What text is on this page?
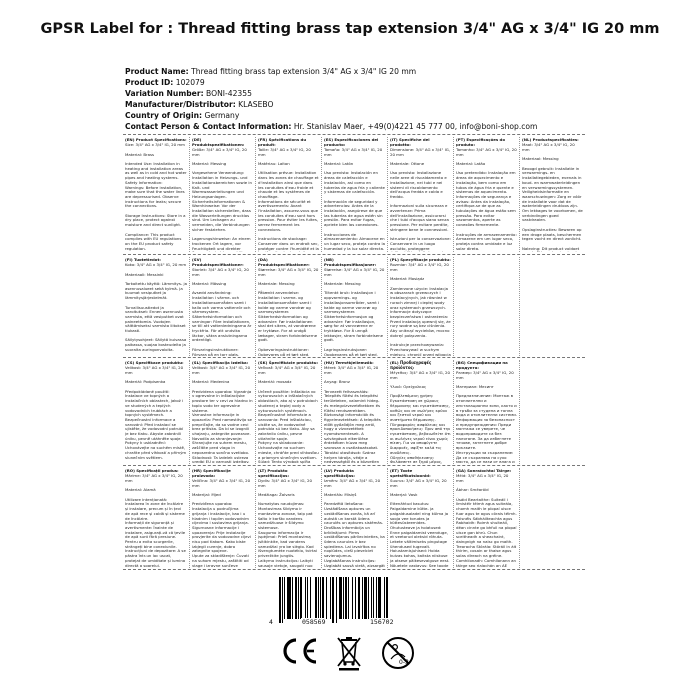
GPSR Label for : Thread fitting brass tap extension 3/4" AG x 3/4" IG 20 mm
Product Name: Thread fitting brass tap extension 3/4" AG x 3/4" IG 20 mm
Product ID: 102079
Variation Number: BONI-42355
Manufacturer/Distributor: KLASEBO
Country of Origin: Germany
Contact Person & Contact Information: Hr. Stanislav Maer, +49(0)4221 45 777 00, info@boni-shop.com
(EN) Product Specifications:
Size: 3/4" AG x 3/4" IG, 20 mm

Material: Brass

Intended Use: Installation in heating and installation areas as well as in cold and hot water pipes and heating systems.
Safety Information:
Warnings: Before installation, make sure that the water lines are depressurised. Observe instructions for leaks; secure the connections.

Storage Instructions: Store in a dry place, protect against moisture and direct sunlight.

Compliance: This product complies with EU regulations on the EU product safety regulation.
(DE) Produktspezifikationen:
Größe: 3/4" AG x 3/4" IG, 20 mm

Material: Messing

Vorgesehene Verwendung: Installation in Heizungs- und Installationsbereichen sowie in Kalt- und Warmwasserleitungen und Heizungsanlagen.
Sicherheitsinformationen & Warnhinweise: Vor der Installation sicherstellen, dass die Wasserleitungen drucklos sind. Um Leckagen zu vermeiden, die Verbindungen sicher festziehen.

Lagerungshinweise: An einem trockenen Ort lagern, vor Feuchtigkeit und direkter

(FR) Spécifications du produit:
Taille: 3/4" AG x 3/4" IG, 20 mm

Matériau: Laiton

Utilisation prévue: Installation dans les zones de chauffage et d'installation ainsi que dans les conduites d'eau froide et chaude et les systèmes de chauffage.
Informations de sécurité et avertissements: Avant l'installation, assurez-vous que les conduites d'eau sont hors pression. Pour éviter les fuites, serrez fermement les connexions.

Instructions de stockage: Conserver dans un endroit sec, protéger contre l'humidité et la

(ES) Especificaciones del producto:
Tamaño: 3/4" AG x 3/4" IG, 20 mm

Material: Latón

Uso previsto: Instalación en áreas de calefacción e instalación, así como en tuberías de agua fría y caliente y sistemas de calefacción.

Información de seguridad y advertencias: Antes de la instalación, asegúrese de que las tuberías de agua estén sin presión. Para evitar fugas, apriete bien las conexiones.

Instrucciones de almacenamiento: Almacene en un lugar seco, proteja contra la humedad y la luz solar directa.

(IT) Specifiche del prodotto:
Dimensione: 3/4" AG x 3/4" IG, 20 mm

Materiale: Ottone

Uso previsto: Installazione nelle aree di riscaldamento e installazione, nei tubi e nei sistemi di riscaldamento dell'acqua fredda e calda e freddo.

Informazioni sulla sicurezza e avvertenze: Prima dell'installazione, assicurarsi che i tubi d'acqua siano senza pressione. Per evitare perdite, stringere bene le connessioni.

Istruzioni per la conservazione: Conservare in un luogo asciutto, proteggere

(PT) Especificações do produto:
Tamanho: 3/4" AG x 3/4" IG, 20 mm

Material: Latão

Uso pretendido: Instalação em áreas de aquecimento e instalação, bem como em tubos de água fria e quente e sistemas de aquecimento.
Informações de segurança e avisos: Antes da instalação, certifique-se de que as tubulações de água estão sem pressão. Para evitar vazamentos, aperte as conexões firmemente.

Instruções de armazenamento: Armazene em um lugar seco, proteja contra umidade e luz solar direta.

(NL) Productspecificaties:
Maat: 3/4" AG x 3/4" IG, 20 mm

Materiaal: Messing

Beoogd gebruik: Installatie in verwarmings- en installatiegebieden, evenals in koud- en warmwaterleidingen en verwarmingssystemen.
Veiligheidsinformatie en waarschuwingen: Zorg er vóór de installatie voor dat de waterleidingen drukloos zijn. Om lekkages te voorkomen, de verbindingen goed vastdraaien.

Opslaginstructies: Bewaren op een droge plaats, beschermen tegen vocht en direct zonlicht.

Naleving: Dit product voldoet
(FI) Tuotetiedot:
Koko: 3/4" AG x 3/4" IG, 20 mm

Materiaali: Messinki

Tarkoitettu käyttö: Lämmitys- ja asennusalueet sekä kylmä- ja kuumat vesiputket ja lämmitysjärjestelmät.

Turvallisuustiedot ja varoitukset: Ennen asennusta varmista, että vesiputket ovat paineettomia. Vuotojen välttämiseksi varmista liitokset tiukasti.

Säilytysohjeet: Säilytä kuivassa paikassa, suojaa kosteudelta ja suoralta auringonvalolta.

(SV) Produktspecifikationer:
Storlek: 3/4" AG x 3/4" IG, 20 mm

Material: Mässing

Avsedd användning: Installation i värme- och installationsområden samt i kalla och varma vattenrör och värmesystem.
Säkerhetsinformation och varningar: Före installationen, se till att vattenledningarna är tryckfria. För att undvika läckor, säkra anslutningarna ordentligt.

Förvaringsinstruktioner: Förvara på en torr plats,

(DA) Produktspecifikationer:
Størrelse: 3/4" AG x 3/4" IG, 20 mm

Materiale: Messing

Påtænkt anvendelse: Installation i varme- og installationsområder samt i kolde og varme vandrør og varmesystemer.
Sikkerhedsinformation og advarsler: Før installationen skal det sikres, at vandrørene er trykløse. For at undgå lækager, stram forbindelserne godt.

Opbevaringsinstruktioner: Opbevares på et tørt sted,

(NB) Produktspesifikasjoner:
Størrelse: 3/4" AG x 3/4" IG, 20 mm

Materiale: Messing

Tiltenkt bruk: Installasjon i oppvarmings- og installasjonsområder, samt i kalde og varme vannrør og varmesystemer.
Sikkerhetsinformasjon og advarsler: Før installasjon, sørg for at vannrørene er trykkløse. For å unngå lekkasjer, stram forbindelsene godt.

Lagringsinstruksjoner: Oppbevares på et tørt sted,

(PL) Specyfikacje produktu:
Rozmiar: 3/4" AG x 3/4" IG, 20 mm

Materiał: Mosiądz

Zamierzone użycie: Instalacja w obszarach grzewczych i instalacyjnych, jak również w rurach zimnej i ciepłej wody oraz systemach grzewczych.
Informacje dotyczące bezpieczeństwa i ostrzeżenia: Przed instalacją upewnij się, że rury wodne są bez ciśnienia. Aby uniknąć wycieków, mocno dokręć połączenia.

Instrukcje przechowywania: Przechowywać w suchym miejscu, chronić przed wilgocią

(CS) Specifikace produktu:
Velikost: 3/4" AG x 3/4" IG, 20 mm

Materiál: Podpisenka

Předpokládané použití: Instalace ve topných a instalačních oblastech, jakož i ve studených a teplých vodovodních trubkách a topných systémech.
Bezpečnostní informace a varování: Před instalací se ujistěte, že vodovodní potrubí je bez tlaku. Abyste zabránili úniku, pevně utáhněte spoje.
Pokyny k uskladnění: Uchovávejte na suchém místě, chraňte před vlhkostí a přímým slunečním světlem.

(SL) Specifikacija izdelka:
Velikost: 3/4" AG x 3/4" IG, 20 mm

Material: Medenina

Predvidena uporaba: Vgradnja v ogrevalne in inštalacijske prostore ter v cevi za hladno in toplo vodo ter ogrevalne sisteme.
Varnostne informacije in opozorila: Pred namestitvijo se prepričajte, da so vodne cevi brez pritiska. Da bi se izognili uhajanju, zategnite povezave.
Navodila za shranjevanje: Shranjujte na suhem mestu, zaščitite pred vlago in neposredno sončno svetlobo.
Skladnost: Ta izdelek ustreza uredbi EU o varnosti izdelkov.
(SK) Špecifikácie produktu:
Veľkosť: 3/4" AG x 3/4" IG, 20 mm

Materiál: mosadz

Určené použitie: Inštalácia vo vykurovacích a inštalačných oblastiach, ako aj v potrubiach studenej a teplej vody a vykurovacích systémoch.
Bezpečnostné informácie a varovania: Pred inštaláciou, uistite sa, že vodovodné potrubia sú bez tlaku. Aby sa zabránilo úniku, pevne utiahnite spoje.
Pokyny na skladovanie: Uchovávajte na suchom mieste, chráňte pred vlhkosťou a priamym slnečným svetlom.
Súlad: Tento výrobok spĺňa
(HU) Termékjellemzők:
Méret: 3/4" AG x 3/4" IG, 20 mm

Anyag: Bronz

Tervezett felhasználás: Telepítés fűtési és telepítési területeken, valamint hideg- és melegvízvezetékekben és fűtési rendszerekben.
Biztonsági információk és figyelmeztetések: A telepítés előtt győződjön meg arról, hogy a vízvezetékek nyomásmentesek. A szivárgások elkerülése érdekében húzza meg szorosan a csatlakozásokat.
Tárolási utasítások: Száraz helyen tárolja, védje a nedvességtől és a közvetlen

(EL) Προδιαγραφές προϊόντος:
Μέγεθος: 3/4" AG x 3/4" IG, 20 mm

Υλικό: Ορείχαλκος

Προβλεπόμενη χρήση: Εγκατάσταση σε χώρους θέρμανσης και εγκατάστασης, καθώς και σε σωλήνες κρύου και ζεστού νερού και συστήματα θέρμανσης.
Πληροφορίες ασφάλειας και προειδοποιήσεις: Πριν από την εγκατάσταση, βεβαιωθείτε ότι οι σωλήνες νερού είναι χωρίς πίεση. Για να αποφύγετε διαρροές, σφίξτε καλά τις συνδέσεις.
Οδηγίες αποθήκευσης: Φυλάσσετε σε ξηρό μέρος,

(BG) Спецификации на продукта:
Размер: 3/4" AG x 3/4" IG, 20 mm

Материал: Месинг

Предназначение: Монтаж в отоплителни и инсталационни зони, както и в тръби за студена и топла вода и отоплителни системи.
Информация за безопасност и предупреждения: Преди монтажа се уверете, че водопроводите са без налягане. За да избегнете течове, затегнете добре връзките.
Инструкции за съхранение: Да се съхранява на сухо място, да се пази от влага и

(RO) Specificații produs:
Mărime: 3/4" AG x 3/4" IG, 20 mm

Material: Alamă

Utilizare intenționată: Instalarea în zone de încălzire și instalare, precum și în țevi de apă rece și caldă și sisteme de încălzire.
Informații de siguranță și avertismente: Înainte de instalare, asigurați-vă că țevile de apă sunt fără presiune. Pentru a evita scurgerile, strângeți bine conexiunile.
Instrucțiuni de depozitare: A se păstra într-un loc uscat, protejat de umiditate și lumina directă a soarelui.

(HR) Specifikacije proizvoda:
Veličina: 3/4" AG x 3/4" IG, 20 mm

Materijal: Mjed

Predviđena uporaba: Instalacija u područjima grijanja i instalacije, kao i u hladnim i toplim vodovodnim cijevima i sustavima grijanja.
Sigurnosne informacije i upozorenja: Prije instalacije provjerite da vodovodne cijevi nisu pod tlakom. Kako biste izbjegli curenje, dobro zategnite spojeve.
Upute za skladištenje: Čuvati na suhom mjestu, zaštititi od vlage i izravne sunčeve

(LT) Produkto specifikacijos:
Dydis: 3/4" AG x 3/4" IG, 20 mm

Medžiaga: Žalvaris

Numatytas naudojimas: Montavimas šildymo ir montavimo zonose, taip pat šalto ir karšto vandens vamzdžiuose ir šildymo sistemose.
Saugumo informacija ir įspėjimai: Prieš montavimą įsitikinkite, kad vandens vamzdžiai yra be slėgio. Kad išvengtumėte nuotėkio, tvirtai priveržkite jungtis.
Laikymo instrukcijos: Laikyti sausoje vietoje, saugoti nuo

(LV) Produkta specifikācijas:
Izmērs: 3/4" AG x 3/4" IG, 20 mm

Materiāls: Misiņš

Paredzētā lietošana: Uzstādīšana apkures un uzstādīšanas zonās, kā arī aukstā un karstā ūdens caurulēs un apkures sistēmās.
Drošības informācija un brīdinājumi: Pirms uzstādīšanas pārliecinieties, ka ūdens caurules ir bez spiediena. Lai izvairītos no noplūdes, cieši pievelciet savienojumus.
Uzglabāšanas instrukcijas: Uzglabāt sausā vietā, aizsargāt

(ET) Toote spetsifikatsioonid:
Suurus: 3/4" AG x 3/4" IG, 20 mm

Materjal: Vask

Ettenähtud kasutus: Paigaldamine kütte- ja paigaldusaladel ning külma ja sooja vee torudes ja küttesüsteemides.
Ohutusteave ja hoiatused: Enne paigaldamist veenduge, et veetorud oleksid rõhuta. Lekete vältimiseks pingutage ühendused tugevalt.
Hoiustamisjuhised: Hoida kuivas kohas, kaitsta niiskuse ja otsese päikesevalguse eest.
Nõuetele vastavus: See toode
(GA) Sonraíochtaí Táirge:
Méid: 3/4" AG x 3/4" IG, 20 mm

Ábhar: Sméaróid

Úsáid Beartaithe: Suiteáil i limistéir téimh agus suiteála, chomh maith le píopaí uisce fuar agus te agus córais téimh.
Faisnéis Sábháilteachta agus Rabhaidh: Roimh shuiteáil, déan cinnte go bhfuil na píopaí uisce gan bhrú. Chun sceitheadh a sheachaint, daingnigh na naisc go maith.
Treoracha Stórála: Stóráil in áit thirim, cosain ar thaise agus solas díreach na gréine.
Comhlíonadh: Comhlíonann an táirge seo rialachán an AE
4	058569	156702
0-3
